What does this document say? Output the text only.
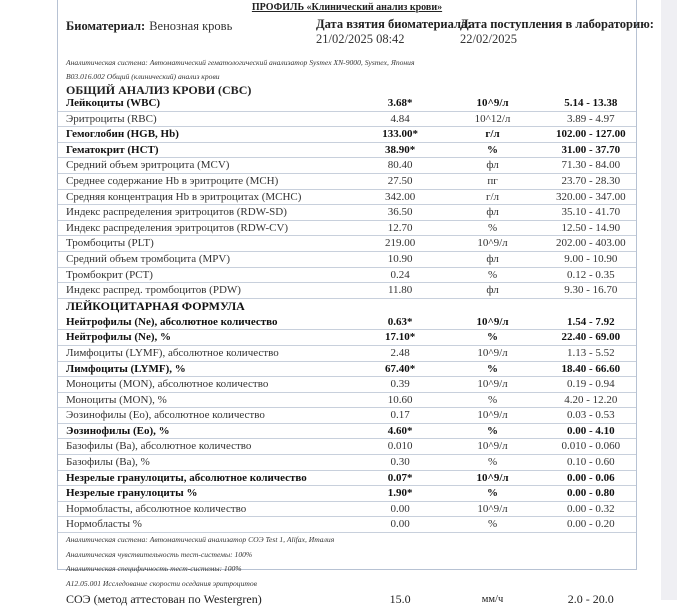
ПРОФИЛЬ «Клинический анализ крови»
Биоматериал: Венозная кровь	Дата взятия биоматериала:
21/02/2025 08:42
Дата поступления в лабораторию:
22/02/2025
Аналитическая система: Автоматический гематологический анализатор Sysmex XN-9000, Sysmex, Япония
B03.016.002 Общий (клинический) анализ крови
ОБЩИЙ АНАЛИЗ КРОВИ (CBC)
Лейкоциты (WBC)	3.68*	10^9/л	5.14 - 13.38
Эритроциты (RBC)	4.84	10^12/л	3.89 - 4.97
Гемоглобин (HGB, Hb)	133.00*	г/л	102.00 - 127.00
Гематокрит (HCT)	38.90*	%	31.00 - 37.70
Средний объем эритроцита (MCV)	80.40	фл	71.30 - 84.00
Среднее содержание Hb в эритроците (MCH)	27.50	пг	23.70 - 28.30
Средняя концентрация Hb в эритроцитах (MCHC)	342.00	г/л	320.00 - 347.00
Индекс распределения эритроцитов (RDW-SD)	36.50	фл	35.10 - 41.70
Индекс распределения эритроцитов (RDW-CV)	12.70	%	12.50 - 14.90
Тромбоциты (PLT)	219.00	10^9/л	202.00 - 403.00
Средний объем тромбоцита (MPV)	10.90	фл	9.00 - 10.90
Тромбокрит (PCT)	0.24	%	0.12 - 0.35
Индекс распред. тромбоцитов (PDW)	11.80	фл	9.30 - 16.70
ЛЕЙКОЦИТАРНАЯ ФОРМУЛА
Нейтрофилы (Ne), абсолютное количество	0.63*	10^9/л	1.54 - 7.92
Нейтрофилы (Ne), %	17.10*	%	22.40 - 69.00
Лимфоциты (LYMF), абсолютное количество	2.48	10^9/л	1.13 - 5.52
Лимфоциты (LYMF), %	67.40*	%	18.40 - 66.60
Моноциты (MON), абсолютное количество	0.39	10^9/л	0.19 - 0.94
Моноциты (MON), %	10.60	%	4.20 - 12.20
Эозинофилы (Eo), абсолютное количество	0.17	10^9/л	0.03 - 0.53
Эозинофилы (Eo), %	4.60*	%	0.00 - 4.10
Базофилы (Ba), абсолютное количество	0.010	10^9/л	0.010 - 0.060
Базофилы (Ba), %	0.30	%	0.10 - 0.60
Незрелые гранулоциты, абсолютное количество	0.07*	10^9/л	0.00 - 0.06
Незрелые гранулоциты %	1.90*	%	0.00 - 0.80
Нормобласты, абсолютное количество	0.00	10^9/л	0.00 - 0.32
Нормобласты %	0.00	%	0.00 - 0.20
Аналитическая система: Автоматический анализатор СОЭ Test 1, Alifax, Италия
Аналитическая чувствительность тест-системы: 100%
Аналитическая специфичность тест-системы: 100%
A12.05.001 Исследование скорости оседания эритроцитов
СОЭ (метод аттестован по Westergren)	15.0	мм/ч	2.0 - 20.0
